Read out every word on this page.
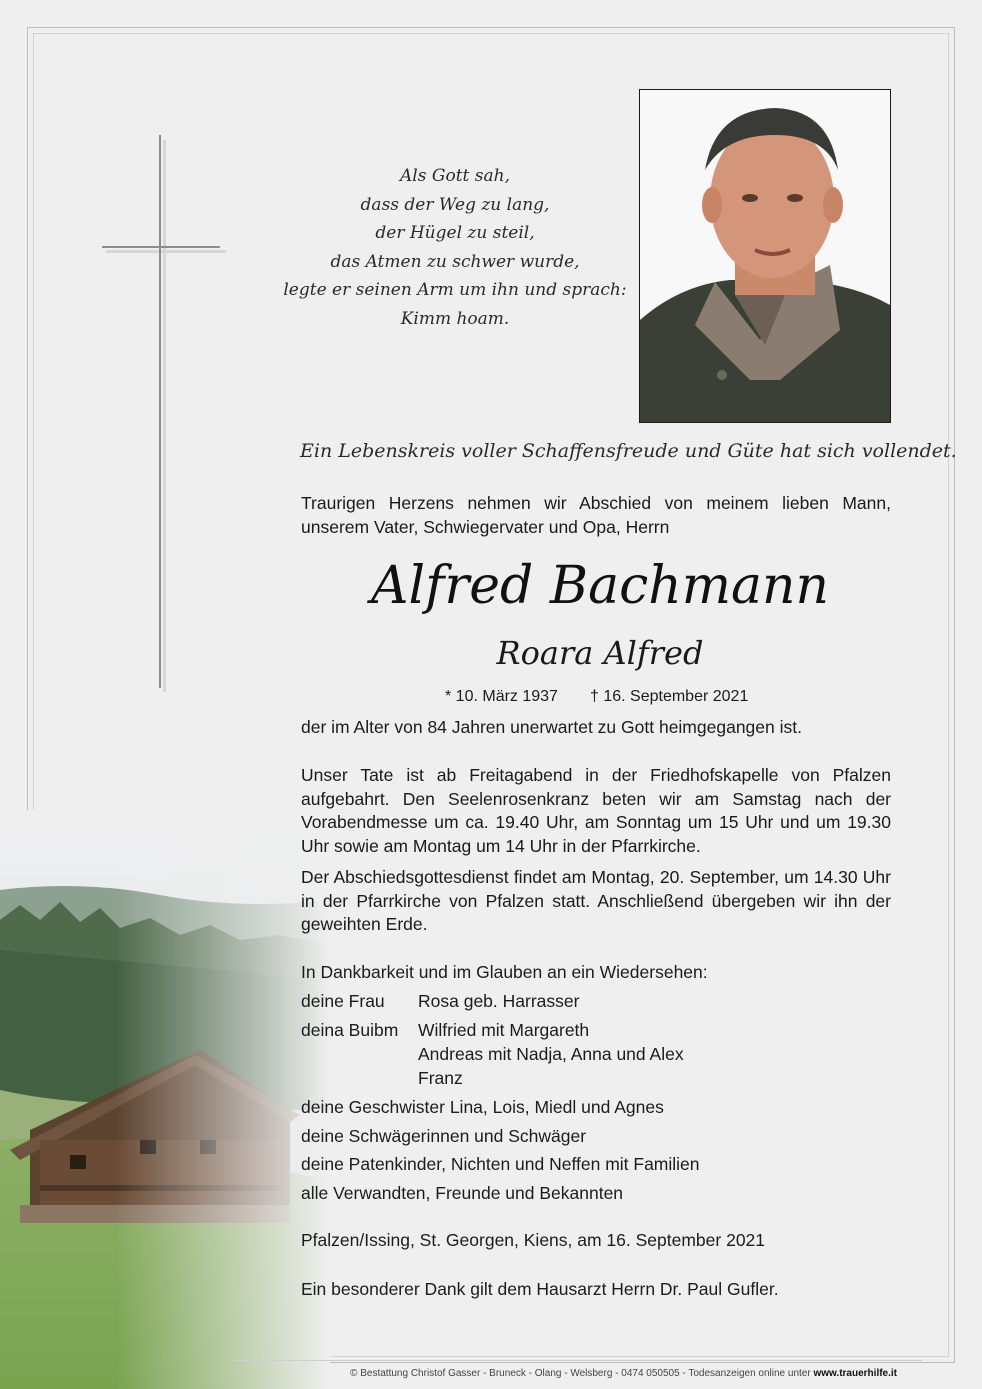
Als Gott sah,
dass der Weg zu lang,
der Hügel zu steil,
das Atmen zu schwer wurde,
legte er seinen Arm um ihn und sprach:
Kimm hoam.
Ein Lebenskreis voller Schaffensfreude und Güte hat sich vollendet.
Traurigen Herzens nehmen wir Abschied von meinem lieben Mann, unserem Vater, Schwiegervater und Opa, Herrn
Alfred Bachmann
Roara Alfred
* 10. März 1937 † 16. September 2021
der im Alter von 84 Jahren unerwartet zu Gott heimgegangen ist.
Unser Tate ist ab Freitagabend in der Friedhofskapelle von Pfalzen aufgebahrt. Den Seelenrosenkranz beten wir am Samstag nach der Vorabendmesse um ca. 19.40 Uhr, am Sonntag um 15 Uhr und um 19.30 Uhr sowie am Montag um 14 Uhr in der Pfarrkirche.
Der Abschiedsgottesdienst findet am Montag, 20. September, um 14.30 Uhr in der Pfarrkirche von Pfalzen statt. Anschließend übergeben wir ihn der geweihten Erde.
In Dankbarkeit und im Glauben an ein Wiedersehen:
deine Frau Rosa geb. Harrasser
deina Buibm Wilfried mit Margareth
Andreas mit Nadja, Anna und Alex
Franz
deine Geschwister Lina, Lois, Miedl und Agnes
deine Schwägerinnen und Schwäger
deine Patenkinder, Nichten und Neffen mit Familien
alle Verwandten, Freunde und Bekannten
Pfalzen/Issing, St. Georgen, Kiens, am 16. September 2021
Ein besonderer Dank gilt dem Hausarzt Herrn Dr. Paul Gufler.
© Bestattung Christof Gasser - Bruneck - Olang - Welsberg - 0474 050505 - Todesanzeigen online unter www.trauerhilfe.it
